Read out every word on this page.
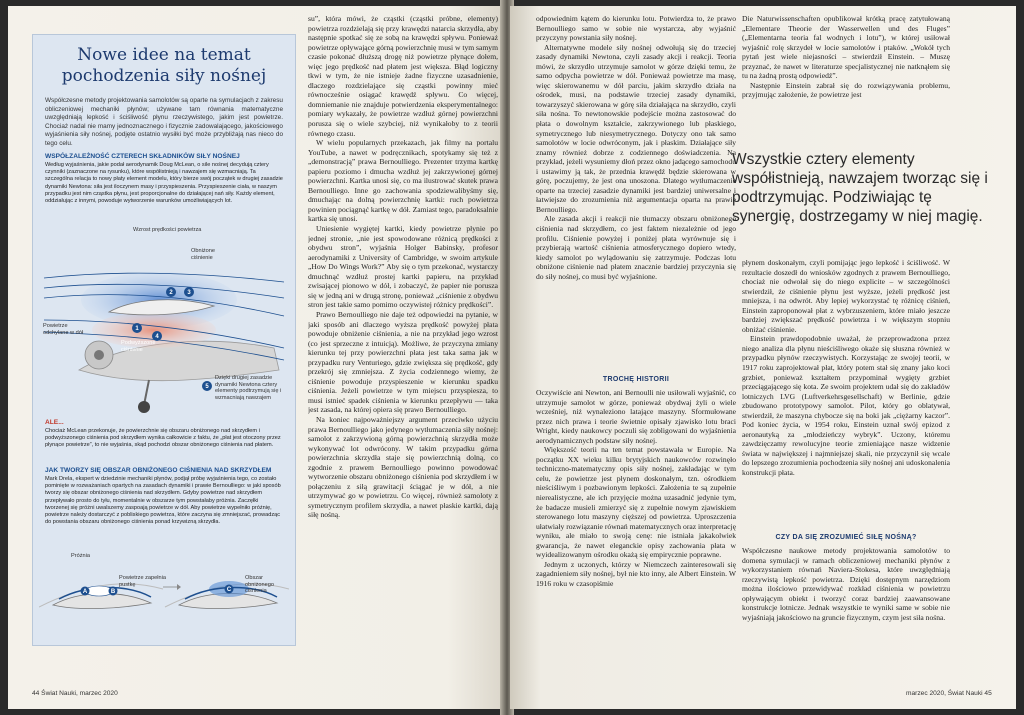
Nowe idee na temat pochodzenia siły nośnej
Współczesne metody projektowania samolotów są oparte na symulacjach z zakresu obliczeniowej mechaniki płynów; używane tam równania matematyczne uwzględniają lepkość i ściśliwość płynu rzeczywistego, jakim jest powietrze. Chociaż nadal nie mamy jednoznacznego i fizycznie zadowalającego, jakościowego wyjaśnienia siły nośnej, podjęte ostatnio wysiłki być może przybliżają nas nieco do tego celu.
WSPÓŁZALEŻNOŚĆ CZTERECH SKŁADNIKÓW SIŁY NOŚNEJ
Według wyjaśnienia, jakie podał aerodynamik Doug McLean, o sile nośnej decydują cztery czynniki (zaznaczone na rysunku), które współistnieją i nawzajem się wzmacniają. Ta szczególna relacja to nowy płaty element modelu, który bierze swój początek w drugiej zasadzie dynamiki Newtona: siła jest iloczynem masy i przyspieszenia. Przyspieszenie ciała, w naszym przypadku jest nim cząstka płynu, jest proporcjonalne do działającej nań siły. Każdy element, oddziałując z innymi, powoduje wytworzenie warunków umożliwiających lot.
2 3
1
4
5
Wzrost prędkości powietrza
Obniżone ciśnienie
Powietrze odchylane w dół
Podwyższone ciśnienie
Dzięki drugiej zasadzie dynamiki Newtona cztery elementy podtrzymują się i wzmacniają nawzajem
ALE...
Chociaż McLean przekonuje, że powierzchnie się obszaru obniżonego nad skrzydłem i podwyższonego ciśnienia pod skrzydłem wynika całkowicie z faktu, że „płat jest otoczony przez płynące powietrze”, to nie wyjaśnia, skąd pochodzi obszar obniżonego ciśnienia nad płatem.
JAK TWORZY SIĘ OBSZAR OBNIŻONEGO CIŚNIENIA NAD SKRZYDŁEM
Mark Drela, ekspert w dziedzinie mechaniki płynów, podjął próbę wyjaśnienia tego, co zostało pominięte w rozważaniach opartych na zasadach dynamiki i prawie Bernoulliego: w jaki sposób tworzy się obszar obniżonego ciśnienia nad skrzydłem. Gdyby powietrze nad skrzydłem przepływało prosto do tyłu, momentalnie w obszarze tym powstałaby próżnia. Zaczęłki tworzenej się próżni uwalszemy zaspoają powietrze w dół. Aby powietrze wypełniło próżnię, powietrze należy dostarczyć z pobliskiego powietrza, które zaczyna się zmniejszać, prowadząc do powstania obszaru obniżonego ciśnienia ponad krzywizną skrzydła.
A	B	C
Próżnia
Powietrze zapełnia pustkę
Obszar obniżonego ciśnienia

su”, która mówi, że cząstki (cząstki próbne, elementy) powietrza rozdzielają się przy krawędzi natarcia skrzydła, aby następnie spotkać się ze sobą na krawędzi spływu. Ponieważ powietrze opływające górną powierzchnię musi w tym samym czasie pokonać dłuższą drogę niż powietrze płynące dołem, więc jego prędkość nad płatem jest większa. Błąd logiczny tkwi w tym, że nie istnieje żadne fizyczne uzasadnienie, dlaczego rozdzielające się cząstki powinny mieć równocześnie osiągać krawędź spływu. Co więcej, domniemanie nie znajduje potwierdzenia eksperymentalnego: pomiary wykazały, że powietrze wzdłuż górnej powierzchni porusza się o wiele szybciej, niż wynikałoby to z teorii równego czasu.

W wielu popularnych przekazach, jak filmy na portalu YouTube, a nawet w podręcznikach, spotykamy się też z „demonstracją” prawa Bernoulliego. Prezenter trzyma kartkę papieru poziomo i dmucha wzdłuż jej zakrzywionej górnej powierzchni. Kartka unosi się, co ma ilustrować skutek prawa Bernoulliego. Inne go zachowania spodziewalibyśmy się, dmuchając na dolną powierzchnię kartki: ruch powietrza powinien pociągnąć kartkę w dół. Zamiast tego, paradoksalnie kartka się unosi.

Uniesienie wygiętej kartki, kiedy powietrze płynie po jednej stronie, „nie jest spowodowane różnicą prędkości z obydwu stron”, wyjaśnia Holger Babinsky, profesor aerodynamiki z University of Cambridge, w swoim artykule „How Do Wings Work?” Aby się o tym przekonać, wystarczy dmuchnąć wzdłuż prostej kartki papieru, na przykład zwisającej pionowo w dół, i zobaczyć, że papier nie porusza się w jedną ani w drugą stronę, ponieważ „ciśnienie z obydwu stron jest takie samo pomimo oczywistej różnicy prędkości”.

Prawo Bernoulliego nie daje też odpowiedzi na pytanie, w jaki sposób ani dlaczego wyższa prędkość powyżej płata powoduje obniżenie ciśnienia, a nie na przykład jego wzrost (co jest sprzeczne z intuicją). Możliwe, że przyczyna zmiany kierunku tej przy powierzchni płata jest taka sama jak w przypadku rury Venturiego, gdzie zwiększa się prędkość, gdy przekrój się zmniejsza. Z życia codziennego wiemy, że ciśnienie powoduje przyspieszenie w kierunku spadku ciśnienia. Jeżeli powietrze w tym miejscu przyspiesza, to musi istnieć spadek ciśnienia w kierunku przepływu — taka jest zasada, na której opiera się prawo Bernoulliego.

Na koniec najpoważniejszy argument przeciwko użyciu prawa Bernoulliego jako jedynego wytłumaczenia siły nośnej: samolot z zakrzywioną górną powierzchnią skrzydła może wykonywać lot odwrócony. W takim przypadku górna powierzchnia skrzydła staje się powierzchnią dolną, co zgodnie z prawem Bernoulliego powinno powodować wytworzenie obszaru obniżonego ciśnienia pod skrzydłem i w połączeniu z siłą grawitacji ściągać je w dół, a nie utrzymywać go w powietrzu. Co więcej, również samoloty z symetrycznym profilem skrzydła, a nawet płaskie kartki, dają siłę nośną.

44 Świat Nauki, marzec 2020

odpowiednim kątem do kierunku lotu. Potwierdza to, że prawo Bernoulliego samo w sobie nie wystarcza, aby wyjaśnić przyczyny powstania siły nośnej.

Alternatywne modele siły nośnej odwołują się do trzeciej zasady dynamiki Newtona, czyli zasady akcji i reakcji. Teoria mówi, że skrzydło utrzymuje samolot w górze dzięki temu, że samo odpycha powietrze w dół. Ponieważ powietrze ma masę, więc skierowanemu w dół parciu, jakim skrzydło działa na ośrodek, musi, na podstawie trzeciej zasady dynamiki, towarzyszyć skierowana w górę siła działająca na skrzydło, czyli siła nośna. To newtonowskie podejście można zastosować do płata o dowolnym kształcie, zakrzywionego lub płaskiego, symetrycznego lub niesymetrycznego. Dotyczy ono tak samo samolotów w locie odwróconym, jak i płaskim. Działające siły znamy również dobrze z codziennego doświadczenia. Na przykład, jeżeli wysuniemy dłoń przez okno jadącego samochodu i ustawimy ją tak, że przednia krawędź będzie skierowana w górę, poczujemy, że jest ona unoszona. Dlatego wytłumaczenie oparte na trzeciej zasadzie dynamiki jest bardziej uniwersalne i łatwiejsze do zrozumienia niż argumentacja oparta na prawie Bernoulliego.

Ale zasada akcji i reakcji nie tłumaczy obszaru obniżonego ciśnienia nad skrzydłem, co jest faktem niezależnie od jego profilu. Ciśnienie powyżej i poniżej płata wyrównuje się i przybierają wartość ciśnienia atmosferycznego dopiero wtedy, kiedy samolot po wylądowaniu się zatrzymuje. Podczas lotu obniżone ciśnienie nad płatem znacznie bardziej przyczynia się do siły nośnej, co musi być wyjaśnione.

TROCHĘ HISTORII

Oczywiście ani Newton, ani Bernoulli nie usiłowali wyjaśnić, co utrzymuje samolot w górze, ponieważ obydwaj żyli o wiele wcześniej, niż wynaleziono latające maszyny. Sformułowane przez nich prawa i teorie świetnie opisały zjawisko lotu braci Wright, kiedy naukowcy poczuli się zobligowani do wyjaśnienia aerodynamicznych podstaw siły nośnej.

Większość teorii na ten temat powstawała w Europie. Na początku XX wieku kilku brytyjskich naukowców rozwinęło techniczno-matematyczny opis siły nośnej, zakładając w tym celu, że powietrze jest płynem doskonałym, tzn. ośrodkiem nieściśliwym i pozbawionym lepkości. Założenia te są zupełnie nierealistyczne, ale ich przyjęcie można uzasadnić jedynie tym, że badacze musieli zmierzyć się z zupełnie nowym zjawiskiem sterowanego lotu maszyny cięższej od powietrza. Uproszczenia ułatwiały rozwiązanie równań matematycznych oraz interpretację wyniku, ale miało to swoją cenę: nie istniała jakakolwiek gwarancja, że nawet eleganckie opisy zachowania płata w wyidealizowanym ośrodku okażą się empirycznie poprawne.

Jednym z uczonych, którzy w Niemczech zainteresowali się zagadnieniem siły nośnej, był nie kto inny, ale Albert Einstein. W 1916 roku w czasopiśmie

Die Naturwissenschaften opublikował krótką pracę zatytułowaną „Elementare Theorie der Wasserwellen und des Fluges” („Elementarna teoria fal wodnych i lotu”), w której usiłował wyjaśnić rolę skrzydeł w locie samolotów i ptaków. „Wokół tych pytań jest wiele niejasności – stwierdził Einstein. – Muszę przyznać, że nawet w literaturze specjalistycznej nie natknąłem się tu na żadną prostą odpowiedź”.

Następnie Einstein zabrał się do rozwiązywania problemu, przyjmując założenie, że powietrze jest

Wszystkie cztery elementy współistnieją, nawzajem tworząc się i podtrzymując. Podziwiając tę synergię, dostrzegamy w niej magię.

płynem doskonałym, czyli pomijając jego lepkość i ściśliwość. W rezultacie doszedł do wniosków zgodnych z prawem Bernoulliego, chociaż nie odwołał się do niego explicite – w szczególności stwierdził, że ciśnienie płynu jest wyższe, jeżeli prędkość jest mniejsza, i na odwrót. Aby lepiej wykorzystać tę różnicę ciśnień, Einstein zaproponował płat z wybrzuszeniem, które miało jeszcze bardziej zwiększać prędkość powietrza i w większym stopniu obniżać ciśnienie.

Einstein prawdopodobnie uważał, że przeprowadzona przez niego analiza dla płynu nieściśliwego okaże się słuszna również w przypadku płynów rzeczywistych. Korzystając ze swojej teorii, w 1917 roku zaprojektował płat, który potem stał się znany jako koci grzbiet, ponieważ kształtem przypominał wygięty grzbiet przeciągającego się kota. Ze swoim projektem udał się do zakładów lotniczych LVG (Luftverkehrsgesellschaft) w Berlinie, gdzie zbudowano prototypowy samolot. Pilot, który go oblatywał, stwierdził, że maszyna chybocze się na boki jak „ciężarny kaczor”. Pod koniec życia, w 1954 roku, Einstein uznał swój epizod z aeronautyką za „młodzieńczy wybryk”. Uczony, któremu zawdzięczamy rewolucyjne teorie zmieniające nasze widzenie świata w największej i najmniejszej skali, nie przyczynił się wcale do lepszego zrozumienia pochodzenia siły nośnej ani udoskonalenia konstrukcji płata.

CZY DA SIĘ ZROZUMIEĆ SIŁĘ NOŚNĄ?

Współczesne naukowe metody projektowania samolotów to domena symulacji w ramach obliczeniowej mechaniki płynów z wykorzystaniem równań Naviera-Stokesa, które uwzględniają rzeczywistą lepkość powietrza. Dzięki dostępnym narzędziom można ilościowo przewidywać rozkład ciśnienia w powietrzu opływającym obiekt i tworzyć coraz bardziej zaawansowane konstrukcje lotnicze. Jednak wszystkie te wyniki same w sobie nie wyjaśniają jakościowo na gruncie fizycznym, czym jest siła nośna.

marzec 2020, Świat Nauki 45
